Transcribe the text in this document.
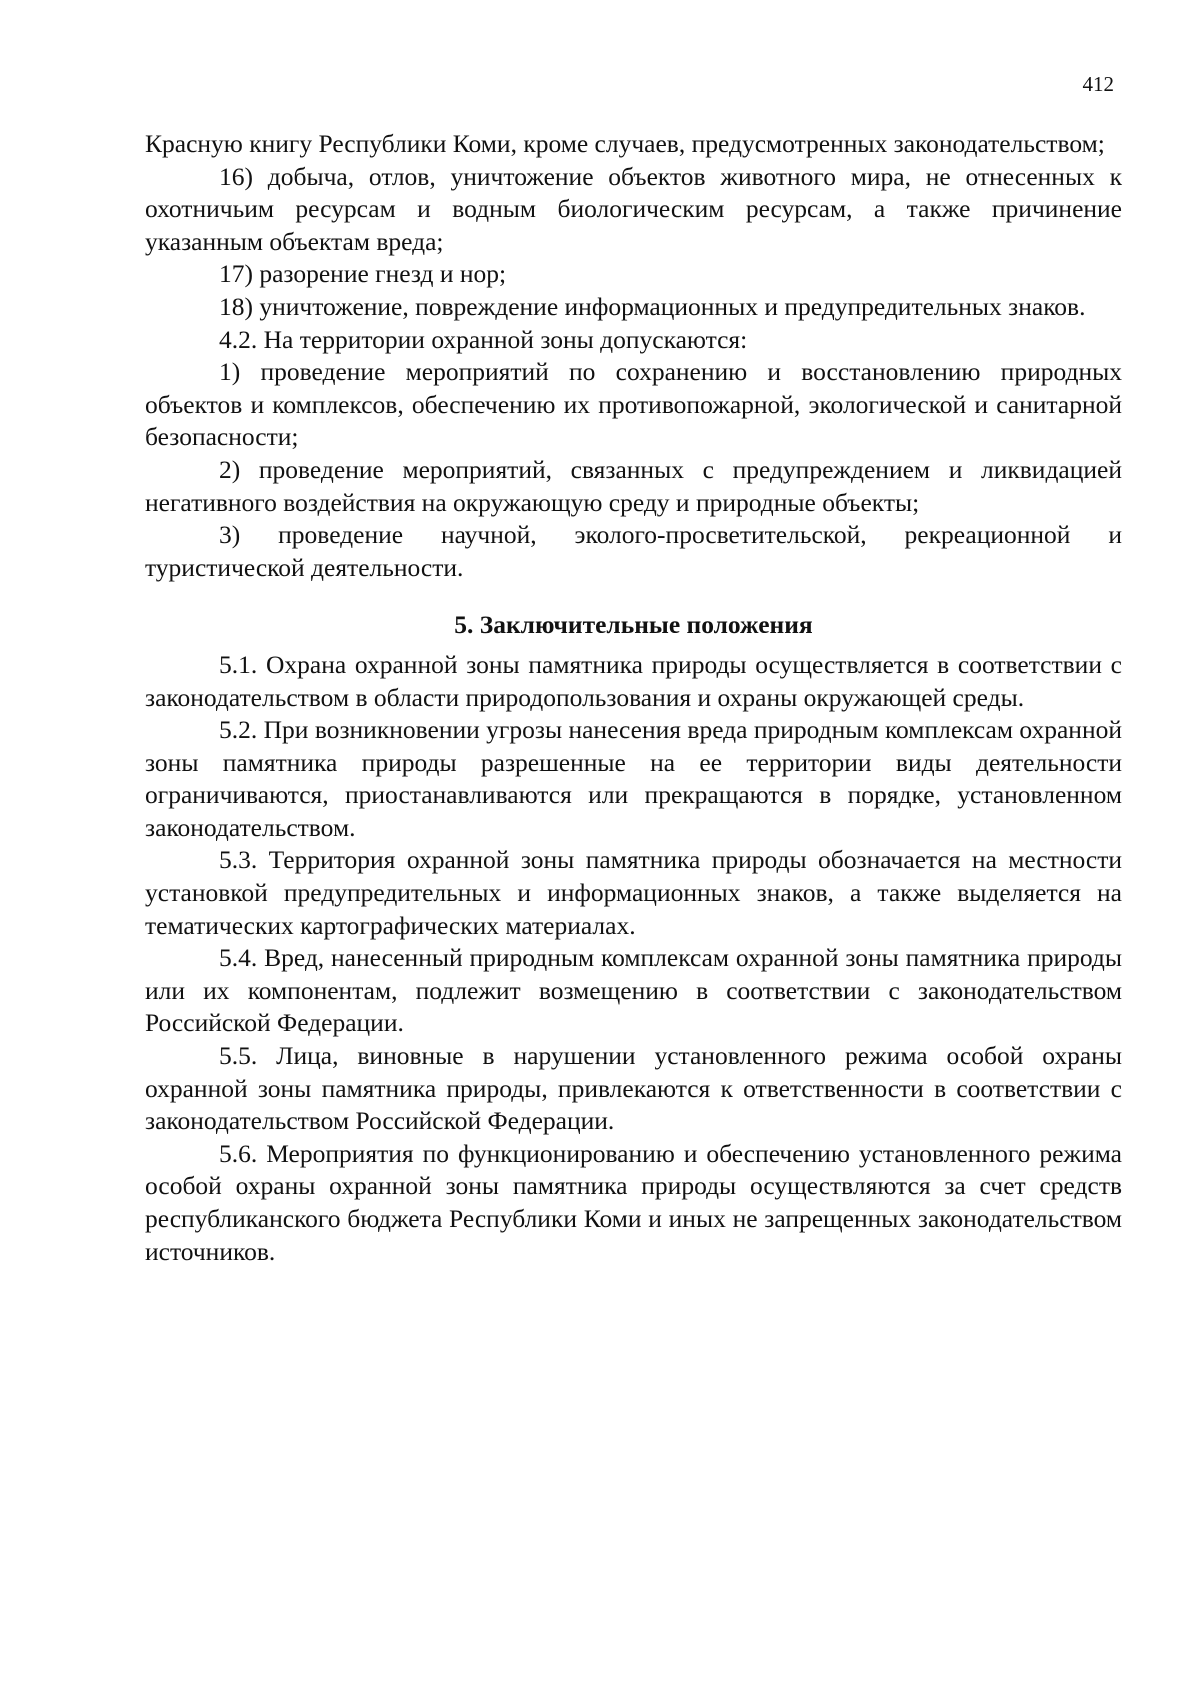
412

Красную книгу Республики Коми, кроме случаев, предусмотренных законодательством;

16) добыча, отлов, уничтожение объектов животного мира, не отнесенных к охотничьим ресурсам и водным биологическим ресурсам, а также причинение указанным объектам вреда;

17) разорение гнезд и нор;

18) уничтожение, повреждение информационных и предупредительных знаков.

4.2. На территории охранной зоны допускаются:

1) проведение мероприятий по сохранению и восстановлению природных объектов и комплексов, обеспечению их противопожарной, экологической и санитарной безопасности;

2) проведение мероприятий, связанных с предупреждением и ликвидацией негативного воздействия на окружающую среду и природные объекты;

3) проведение научной, эколого-просветительской, рекреационной и туристической деятельности.

5. Заключительные положения

5.1. Охрана охранной зоны памятника природы осуществляется в соответствии с законодательством в области природопользования и охраны окружающей среды.

5.2. При возникновении угрозы нанесения вреда природным комплексам охранной зоны памятника природы разрешенные на ее территории виды деятельности ограничиваются, приостанавливаются или прекращаются в порядке, установленном законодательством.

5.3. Территория охранной зоны памятника природы обозначается на местности установкой предупредительных и информационных знаков, а также выделяется на тематических картографических материалах.

5.4. Вред, нанесенный природным комплексам охранной зоны памятника природы или их компонентам, подлежит возмещению в соответствии с законодательством Российской Федерации.

5.5. Лица, виновные в нарушении установленного режима особой охраны охранной зоны памятника природы, привлекаются к ответственности в соответствии с законодательством Российской Федерации.

5.6. Мероприятия по функционированию и обеспечению установленного режима особой охраны охранной зоны памятника природы осуществляются за счет средств республиканского бюджета Республики Коми и иных не запрещенных законодательством источников.
